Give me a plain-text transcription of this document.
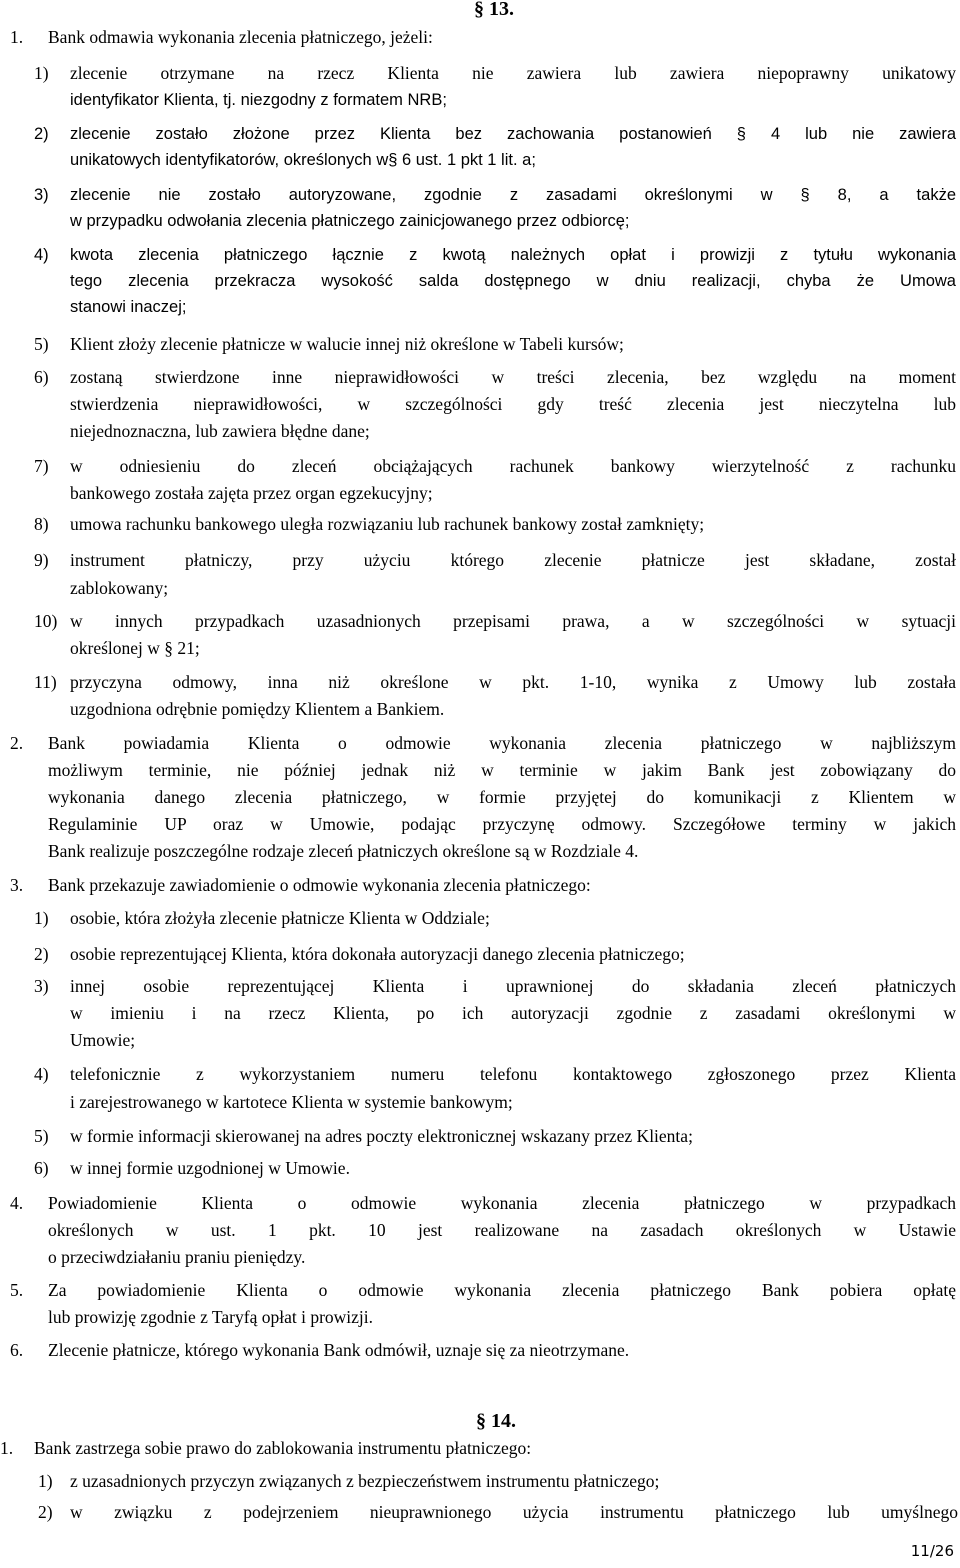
§ 13.
1. Bank odmawia wykonania zlecenia płatniczego, jeżeli:
1) zlecenie otrzymane na rzecz Klienta nie zawiera lub zawiera niepoprawny unikatowy
identyfikator Klienta, tj. niezgodny z formatem NRB;
2) zlecenie zostało złożone przez Klienta bez zachowania postanowień § 4 lub nie zawiera
unikatowych identyfikatorów, określonych w§ 6 ust. 1 pkt 1 lit. a;
3) zlecenie nie zostało autoryzowane, zgodnie z zasadami określonymi w § 8, a także
w przypadku odwołania zlecenia płatniczego zainicjowanego przez odbiorcę;
4) kwota zlecenia płatniczego łącznie z kwotą należnych opłat i prowizji z tytułu wykonania
tego zlecenia przekracza wysokość salda dostępnego w dniu realizacji, chyba że Umowa
stanowi inaczej;
5) Klient złoży zlecenie płatnicze w walucie innej niż określone w Tabeli kursów;
6) zostaną stwierdzone inne nieprawidłowości w treści zlecenia, bez względu na moment
stwierdzenia nieprawidłowości, w szczególności gdy treść zlecenia jest nieczytelna lub
niejednoznaczna, lub zawiera błędne dane;
7) w odniesieniu do zleceń obciążających rachunek bankowy wierzytelność z rachunku
bankowego została zajęta przez organ egzekucyjny;
8) umowa rachunku bankowego uległa rozwiązaniu lub rachunek bankowy został zamknięty;
9) instrument płatniczy, przy użyciu którego zlecenie płatnicze jest składane, został
zablokowany;
10) w innych przypadkach uzasadnionych przepisami prawa, a w szczególności w sytuacji
określonej w § 21;
11) przyczyna odmowy, inna niż określone w pkt. 1-10, wynika z Umowy lub została
uzgodniona odrębnie pomiędzy Klientem a Bankiem.
2. Bank powiadamia Klienta o odmowie wykonania zlecenia płatniczego w najbliższym
możliwym terminie, nie później jednak niż w terminie w jakim Bank jest zobowiązany do
wykonania danego zlecenia płatniczego, w formie przyjętej do komunikacji z Klientem w
Regulaminie UP oraz w Umowie, podając przyczynę odmowy. Szczegółowe terminy w jakich
Bank realizuje poszczególne rodzaje zleceń płatniczych określone są w Rozdziale 4.
3. Bank przekazuje zawiadomienie o odmowie wykonania zlecenia płatniczego:
1) osobie, która złożyła zlecenie płatnicze Klienta w Oddziale;
2) osobie reprezentującej Klienta, która dokonała autoryzacji danego zlecenia płatniczego;
3) innej osobie reprezentującej Klienta i uprawnionej do składania zleceń płatniczych
w imieniu i na rzecz Klienta, po ich autoryzacji zgodnie z zasadami określonymi w
Umowie;
4) telefonicznie z wykorzystaniem numeru telefonu kontaktowego zgłoszonego przez Klienta
i zarejestrowanego w kartotece Klienta w systemie bankowym;
5) w formie informacji skierowanej na adres poczty elektronicznej wskazany przez Klienta;
6) w innej formie uzgodnionej w Umowie.
4. Powiadomienie Klienta o odmowie wykonania zlecenia płatniczego w przypadkach
określonych w ust. 1 pkt. 10 jest realizowane na zasadach określonych w Ustawie
o przeciwdziałaniu praniu pieniędzy.
5. Za powiadomienie Klienta o odmowie wykonania zlecenia płatniczego Bank pobiera opłatę
lub prowizję zgodnie z Taryfą opłat i prowizji.
6. Zlecenie płatnicze, którego wykonania Bank odmówił, uznaje się za nieotrzymane.
§ 14.
1. Bank zastrzega sobie prawo do zablokowania instrumentu płatniczego:
1) z uzasadnionych przyczyn związanych z bezpieczeństwem instrumentu płatniczego;
2) w związku z podejrzeniem nieuprawnionego użycia instrumentu płatniczego lub umyślnego
11/26
